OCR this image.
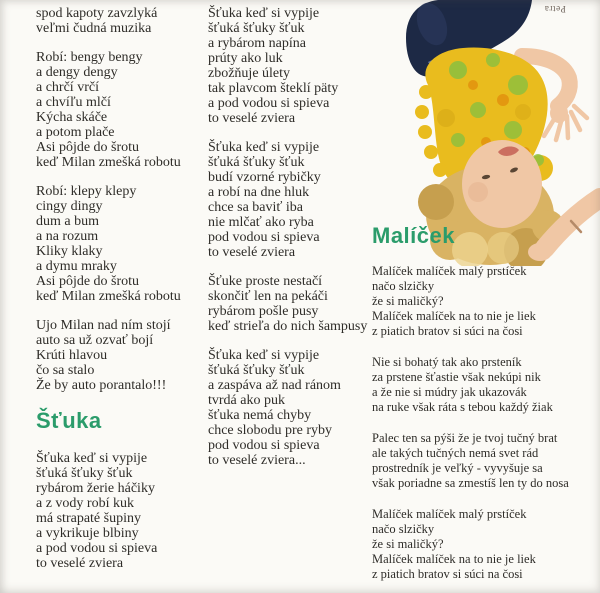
spod kapoty zavzlyká
veľmi čudná muzika
Robí: bengy bengy
a dengy dengy
a chrčí vrčí
a chvíľu mlčí
Kýcha skáče
a potom plače
Asi pôjde do šrotu
keď Milan zmešká robotu
Robí: klepy klepy
cingy dingy
dum a bum
a na rozum
Kliky klaky
a dymu mraky
Asi pôjde do šrotu
keď Milan zmešká robotu
Ujo Milan nad ním stojí
auto sa už ozvať bojí
Krúti hlavou
čo sa stalo
Že by auto porantalo!!!
Šťuka
Šťuka keď si vypije
šťuká šťuky šťuk
rybárom žerie háčiky
a z vody robí kuk
má strapaté šupiny
a vykrikuje blbiny
a pod vodou si spieva
to veselé zviera
Šťuka keď si vypije
šťuká šťuky šťuk
a rybárom napína
prúty ako luk
zbožňuje úlety
tak plavcom šteklí päty
a pod vodou si spieva
to veselé zviera
Šťuka keď si vypije
šťuká šťuky šťuk
budí vzorné rybičky
a robí na dne hluk
chce sa baviť iba
nie mlčať ako ryba
pod vodou si spieva
to veselé zviera
Šťuke proste nestačí
skončiť len na pekáči
rybárom pošle pusy
keď strieľa do nich šampusy
Šťuka keď si vypije
šťuká šťuky šťuk
a zaspáva až nad ránom
tvrdá ako puk
šťuka nemá chyby
chce slobodu pre ryby
pod vodou si spieva
to veselé zviera...
Malíček
Malíček malíček malý prstíček
načo slzičky
že si maličký?
Malíček malíček na to nie je liek
z piatich bratov si súci na čosi
Nie si bohatý tak ako prsteník
za prstene šťastie však nekúpi nik
a že nie si múdry jak ukazovák
na ruke však ráta s tebou každý žiak
Palec ten sa pýši že je tvoj tučný brat
ale takých tučných nemá svet rád
prostredník je veľký - vyvyšuje sa
však poriadne sa zmestíš len ty do nosa
Malíček malíček malý prstíček
načo slzičky
že si maličký?
Malíček malíček na to nie je liek
z piatich bratov si súci na čosi
Petra
